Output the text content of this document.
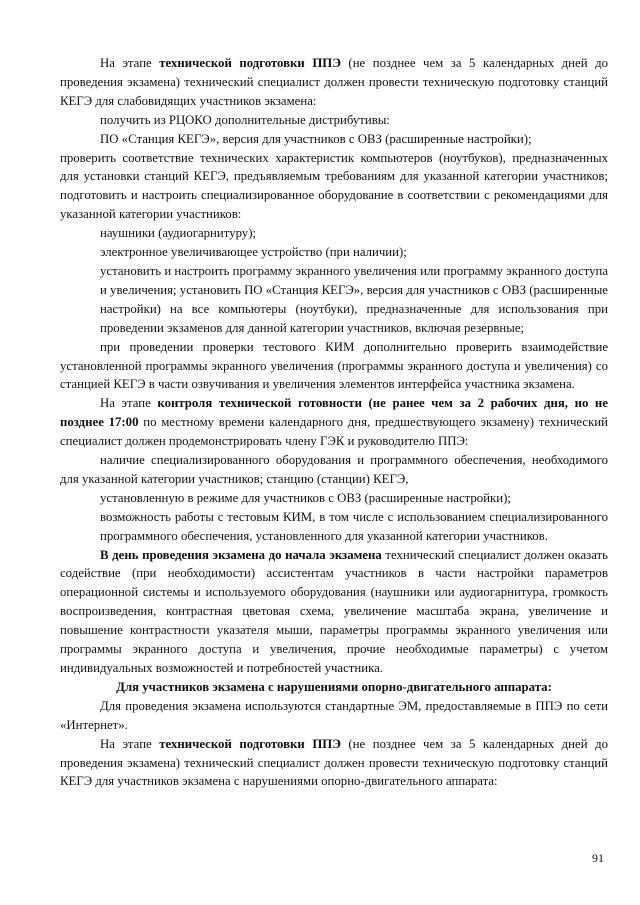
На этапе технической подготовки ППЭ (не позднее чем за 5 календарных дней до проведения экзамена) технический специалист должен провести техническую подготовку станций КЕГЭ для слабовидящих участников экзамена:

получить из РЦОКО дополнительные дистрибутивы:

ПО «Станция КЕГЭ», версия для участников с ОВЗ (расширенные настройки);

проверить соответствие технических характеристик компьютеров (ноутбуков), предназначенных для установки станций КЕГЭ, предъявляемым требованиям для указанной категории участников; подготовить и настроить специализированное оборудование в соответствии с рекомендациями для указанной категории участников:

наушники (аудиогарнитуру);

электронное увеличивающее устройство (при наличии);

установить и настроить программу экранного увеличения или программу экранного доступа и увеличения; установить ПО «Станция КЕГЭ», версия для участников с ОВЗ (расширенные настройки) на все компьютеры (ноутбуки), предназначенные для использования при проведении экзаменов для данной категории участников, включая резервные;

при проведении проверки тестового КИМ дополнительно проверить взаимодействие установленной программы экранного увеличения (программы экранного доступа и увеличения) со станцией КЕГЭ в части озвучивания и увеличения элементов интерфейса участника экзамена.

На этапе контроля технической готовности (не ранее чем за 2 рабочих дня, но не позднее 17:00 по местному времени календарного дня, предшествующего экзамену) технический специалист должен продемонстрировать члену ГЭК и руководителю ППЭ:

наличие специализированного оборудования и программного обеспечения, необходимого для указанной категории участников; станцию (станции) КЕГЭ,

установленную в режиме для участников с ОВЗ (расширенные настройки);

возможность работы с тестовым КИМ, в том числе с использованием специализированного программного обеспечения, установленного для указанной категории участников.

В день проведения экзамена до начала экзамена технический специалист должен оказать содействие (при необходимости) ассистентам участников в части настройки параметров операционной системы и используемого оборудования (наушники или аудиогарнитура, громкость воспроизведения, контрастная цветовая схема, увеличение масштаба экрана, увеличение и повышение контрастности указателя мыши, параметры программы экранного увеличения или программы экранного доступа и увеличения, прочие необходимые параметры) с учетом индивидуальных возможностей и потребностей участника.

Для участников экзамена с нарушениями опорно-двигательного аппарата:

Для проведения экзамена используются стандартные ЭМ, предоставляемые в ППЭ по сети «Интернет».

На этапе технической подготовки ППЭ (не позднее чем за 5 календарных дней до проведения экзамена) технический специалист должен провести техническую подготовку станций КЕГЭ для участников экзамена с нарушениями опорно-двигательного аппарата:

91
